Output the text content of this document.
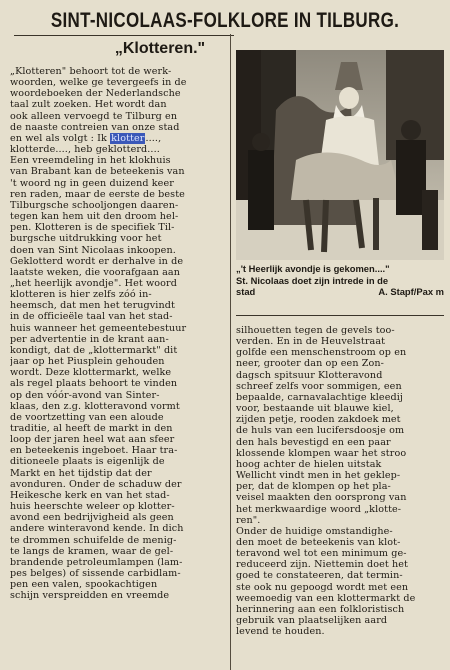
SINT-NICOLAAS-FOLKLORE IN TILBURG.
„Klotteren."
„Klotteren" behoort tot de werk-
woorden, welke ge tevergeefs in de
woordeboeken der Nederlandsche
taal zult zoeken. Het wordt dan
ook alleen vervoegd te Tilburg en
de naaste contreien van onze stad
en wel als volgt : Ik klotter....,
klotterde...., heb geklotterd....
Een vreemdeling in het klokhuis
van Brabant kan de beteekenis van
't woord ng in geen duizend keer
ren raden, maar de eerste de beste
Tilburgsche schooljongen daaren-
tegen kan hem uit den droom hel-
pen. Klotteren is de specifiek Til-
burgsche uitdrukking voor het
doen van Sint Nicolaas inkoopen.
Geklotterd wordt er derhalve in de
laatste weken, die voorafgaan aan
„het heerlijk avondje". Het woord
klotteren is hier zelfs zóó in-
heemsch, dat men het terugvindt
in de officieële taal van het stad-
huis wanneer het gemeentebestuur
per advertentie in de krant aan-
kondigt, dat de „klottermarkt" dit
jaar op het Piusplein gehouden
wordt. Deze klottermarkt, welke
als regel plaats behoort te vinden
op den vóór-avond van Sinter-
klaas, den z.g. klotteravond vormt
de voortzetting van een aloude
traditie, al heeft de markt in den
loop der jaren heel wat aan sfeer
en beteekenis ingeboet. Haar tra-
ditioneele plaats is eigenlijk de
Markt en het tijdstip dat der
avonduren. Onder de schaduw der
Heikesche kerk en van het stad-
huis heerschte weleer op klotter-
avond een bedrijvigheid als geen
andere winteravond kende. In dich
te drommen schuifelde de menig-
te langs de kramen, waar de gel-
brandende petroleumlampen (lam-
pes belges) of sissende carbidlam-
pen een valen, spookachtigen
schijn verspreidden en vreemde
„'t Heerlijk avondje is gekomen...."
St. Nicolaas doet zijn intrede in de
stad	A. Stapf/Pax m
silhouetten tegen de gevels too-
verden. En in de Heuvelstraat
golfde een menschenstroom op en
neer, grooter dan op een Zon-
dagsch spitsuur Klotteravond
schreef zelfs voor sommigen, een
bepaalde, carnavalachtige kleedij
voor, bestaande uit blauwe kiel,
zijden petje, rooden zakdoek met
de huls van een lucifersdoosje om
den hals bevestigd en een paar
klossende klompen waar het stroo
hoog achter de hielen uitstak
Wellicht vindt men in het geklep-
per, dat de klompen op het pla-
veisel maakten den oorsprong van
het merkwaardige woord „klotte-
ren".
Onder de huidige omstandighe-
den moet de beteekenis van klot-
teravond wel tot een minimum ge-
reduceerd zijn. Niettemin doet het
goed te constateeren, dat termin-
ste ook nu gepoogd wordt met een
weemoedig van een klottermarkt de
herinnering aan een folkloristisch
gebruik van plaatselijken aard
levend te houden.
